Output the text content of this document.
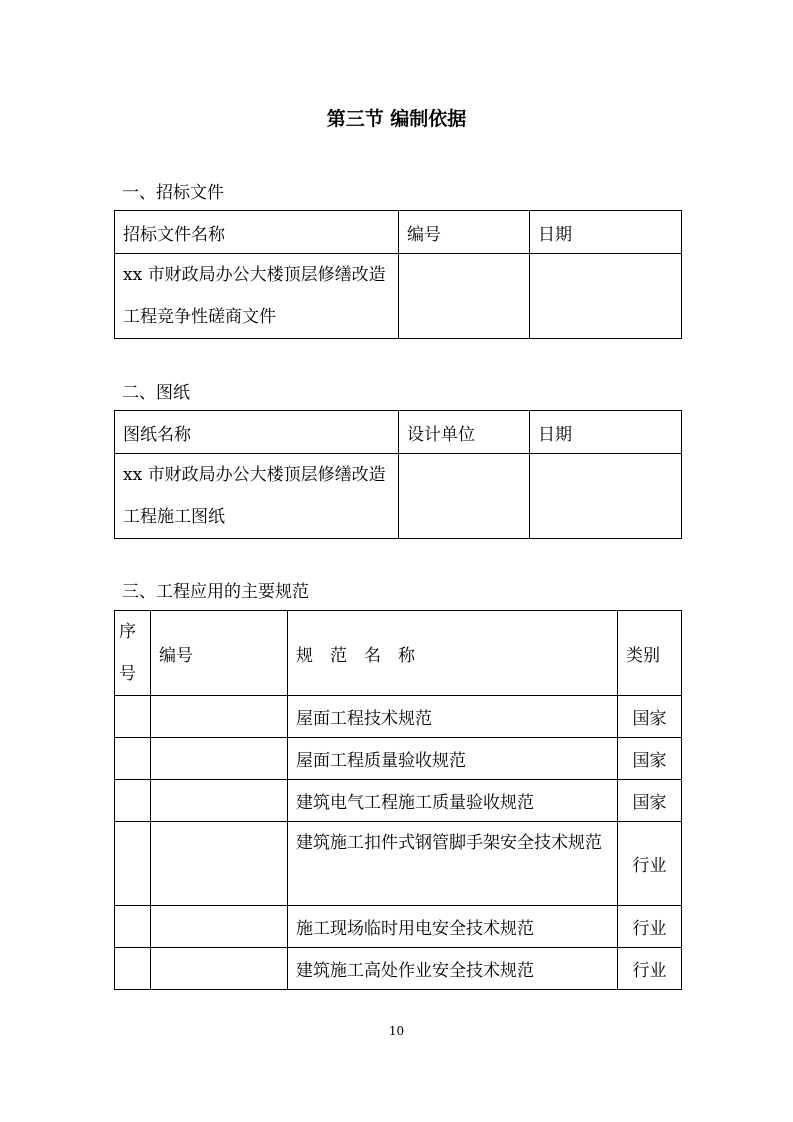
第三节 编制依据
一、招标文件
招标文件名称	编号	日期
xx 市财政局办公大楼顶层修缮改造工程竞争性磋商文件		
二、图纸
图纸名称	设计单位	日期
xx 市财政局办公大楼顶层修缮改造工程施工图纸		
三、工程应用的主要规范
序号	编号	规　范　名　称	类别
		屋面工程技术规范	国家
		屋面工程质量验收规范	国家
		建筑电气工程施工质量验收规范	国家
		建筑施工扣件式钢管脚手架安全技术规范	行业
		施工现场临时用电安全技术规范	行业
		建筑施工高处作业安全技术规范	行业
10
